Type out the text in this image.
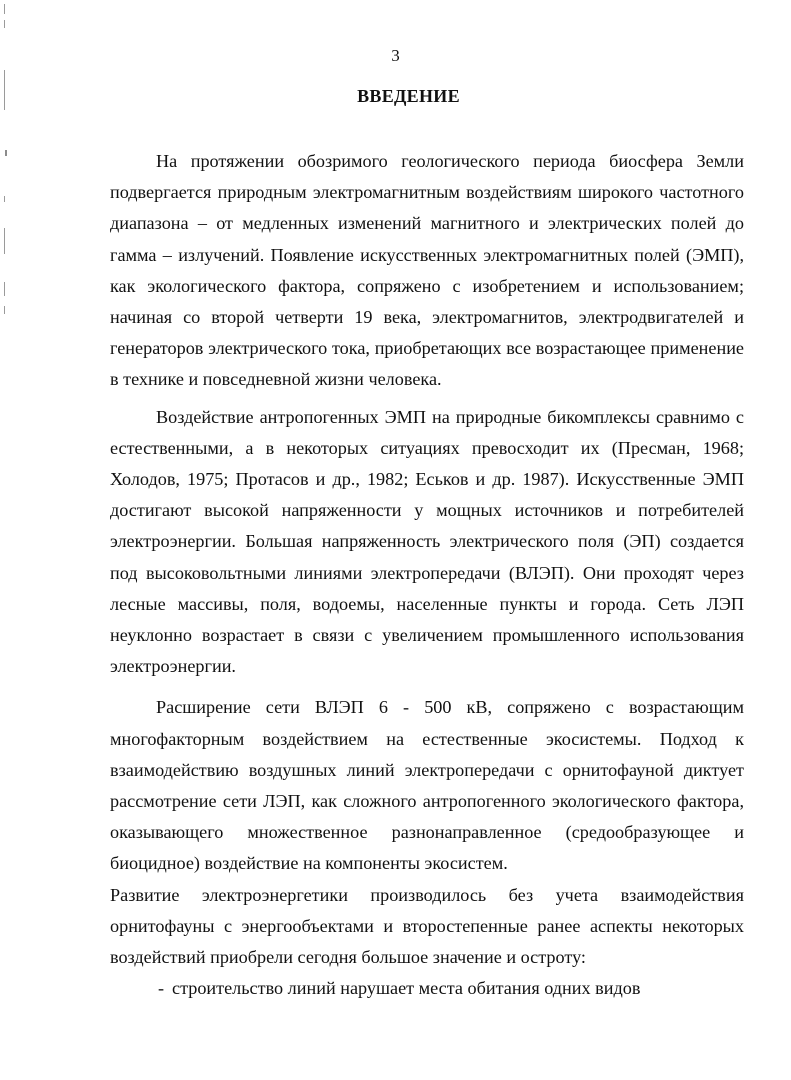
3
ВВЕДЕНИЕ

На протяжении обозримого геологического периода биосфера Земли подвергается природным электромагнитным воздействиям широкого частотного диапазона – от медленных изменений магнитного и электрических полей до гамма – излучений. Появление искусственных электромагнитных полей (ЭМП), как экологического фактора, сопряжено с изобретением и использованием; начиная со второй четверти 19 века, электромагнитов, электродвигателей и генераторов электрического тока, приобретающих все возрастающее применение в технике и повседневной жизни человека.

Воздействие антропогенных ЭМП на природные бикомплексы сравнимо с естественными, а в некоторых ситуациях превосходит их (Пресман, 1968; Холодов, 1975; Протасов и др., 1982; Еськов и др. 1987). Искусственные ЭМП достигают высокой напряженности у мощных источников и потребителей электроэнергии. Большая напряженность электрического поля (ЭП) создается под высоковольтными линиями электропередачи (ВЛЭП). Они проходят через лесные массивы, поля, водоемы, населенные пункты и города. Сеть ЛЭП неуклонно возрастает в связи с увеличением промышленного использования электроэнергии.

Расширение сети ВЛЭП 6 - 500 кВ, сопряжено с возрастающим многофакторным воздействием на естественные экосистемы. Подход к взаимодействию воздушных линий электропередачи с орнитофауной диктует рассмотрение сети ЛЭП, как сложного антропогенного экологического фактора, оказывающего множественное разнонаправленное (средообразующее и биоцидное) воздействие на компоненты экосистем.

Развитие электроэнергетики производилось без учета взаимодействия орнитофауны с энергообъектами и второстепенные ранее аспекты некоторых воздействий приобрели сегодня большое значение и остроту:

- строительство линий нарушает места обитания одних видов
